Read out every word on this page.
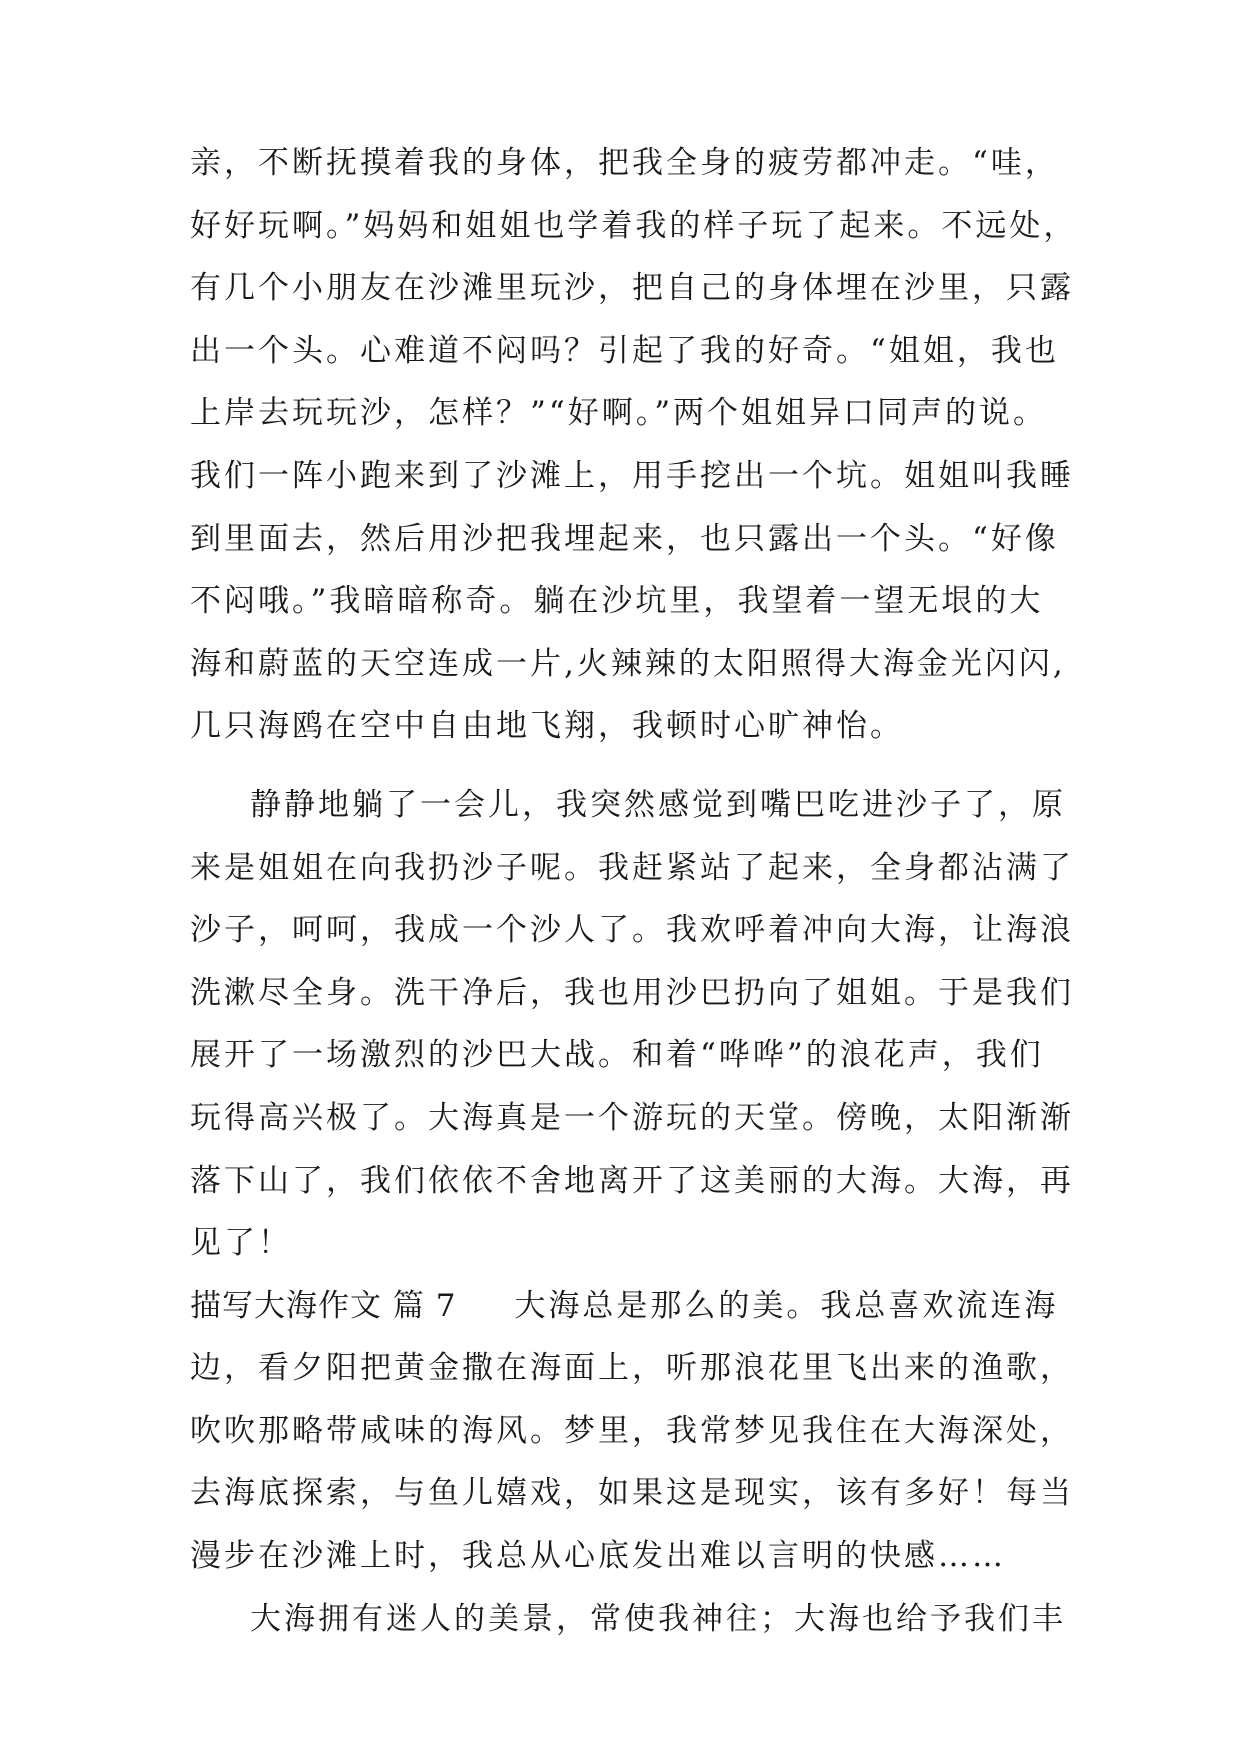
亲，不断抚摸着我的身体，把我全身的疲劳都冲走。“哇，
好好玩啊。”妈妈和姐姐也学着我的样子玩了起来。不远处，
有几个小朋友在沙滩里玩沙，把自己的身体埋在沙里，只露
出一个头。心难道不闷吗？引起了我的好奇。“姐姐，我也
上岸去玩玩沙，怎样？”“好啊。”两个姐姐异口同声的说。
我们一阵小跑来到了沙滩上，用手挖出一个坑。姐姐叫我睡
到里面去，然后用沙把我埋起来，也只露出一个头。“好像
不闷哦。”我暗暗称奇。躺在沙坑里，我望着一望无垠的大
海和蔚蓝的天空连成一片,火辣辣的太阳照得大海金光闪闪,
几只海鸥在空中自由地飞翔，我顿时心旷神怡。
静静地躺了一会儿，我突然感觉到嘴巴吃进沙子了，原
来是姐姐在向我扔沙子呢。我赶紧站了起来，全身都沾满了
沙子，呵呵，我成一个沙人了。我欢呼着冲向大海，让海浪
洗漱尽全身。洗干净后，我也用沙巴扔向了姐姐。于是我们
展开了一场激烈的沙巴大战。和着“哗哗”的浪花声，我们
玩得高兴极了。大海真是一个游玩的天堂。傍晚，太阳渐渐
落下山了，我们依依不舍地离开了这美丽的大海。大海，再
见了！
描写大海作文 篇 7 大海总是那么的美。我总喜欢流连海
边，看夕阳把黄金撒在海面上，听那浪花里飞出来的渔歌，
吹吹那略带咸味的海风。梦里，我常梦见我住在大海深处，
去海底探索，与鱼儿嬉戏，如果这是现实，该有多好！每当
漫步在沙滩上时，我总从心底发出难以言明的快感……
大海拥有迷人的美景，常使我神往；大海也给予我们丰
